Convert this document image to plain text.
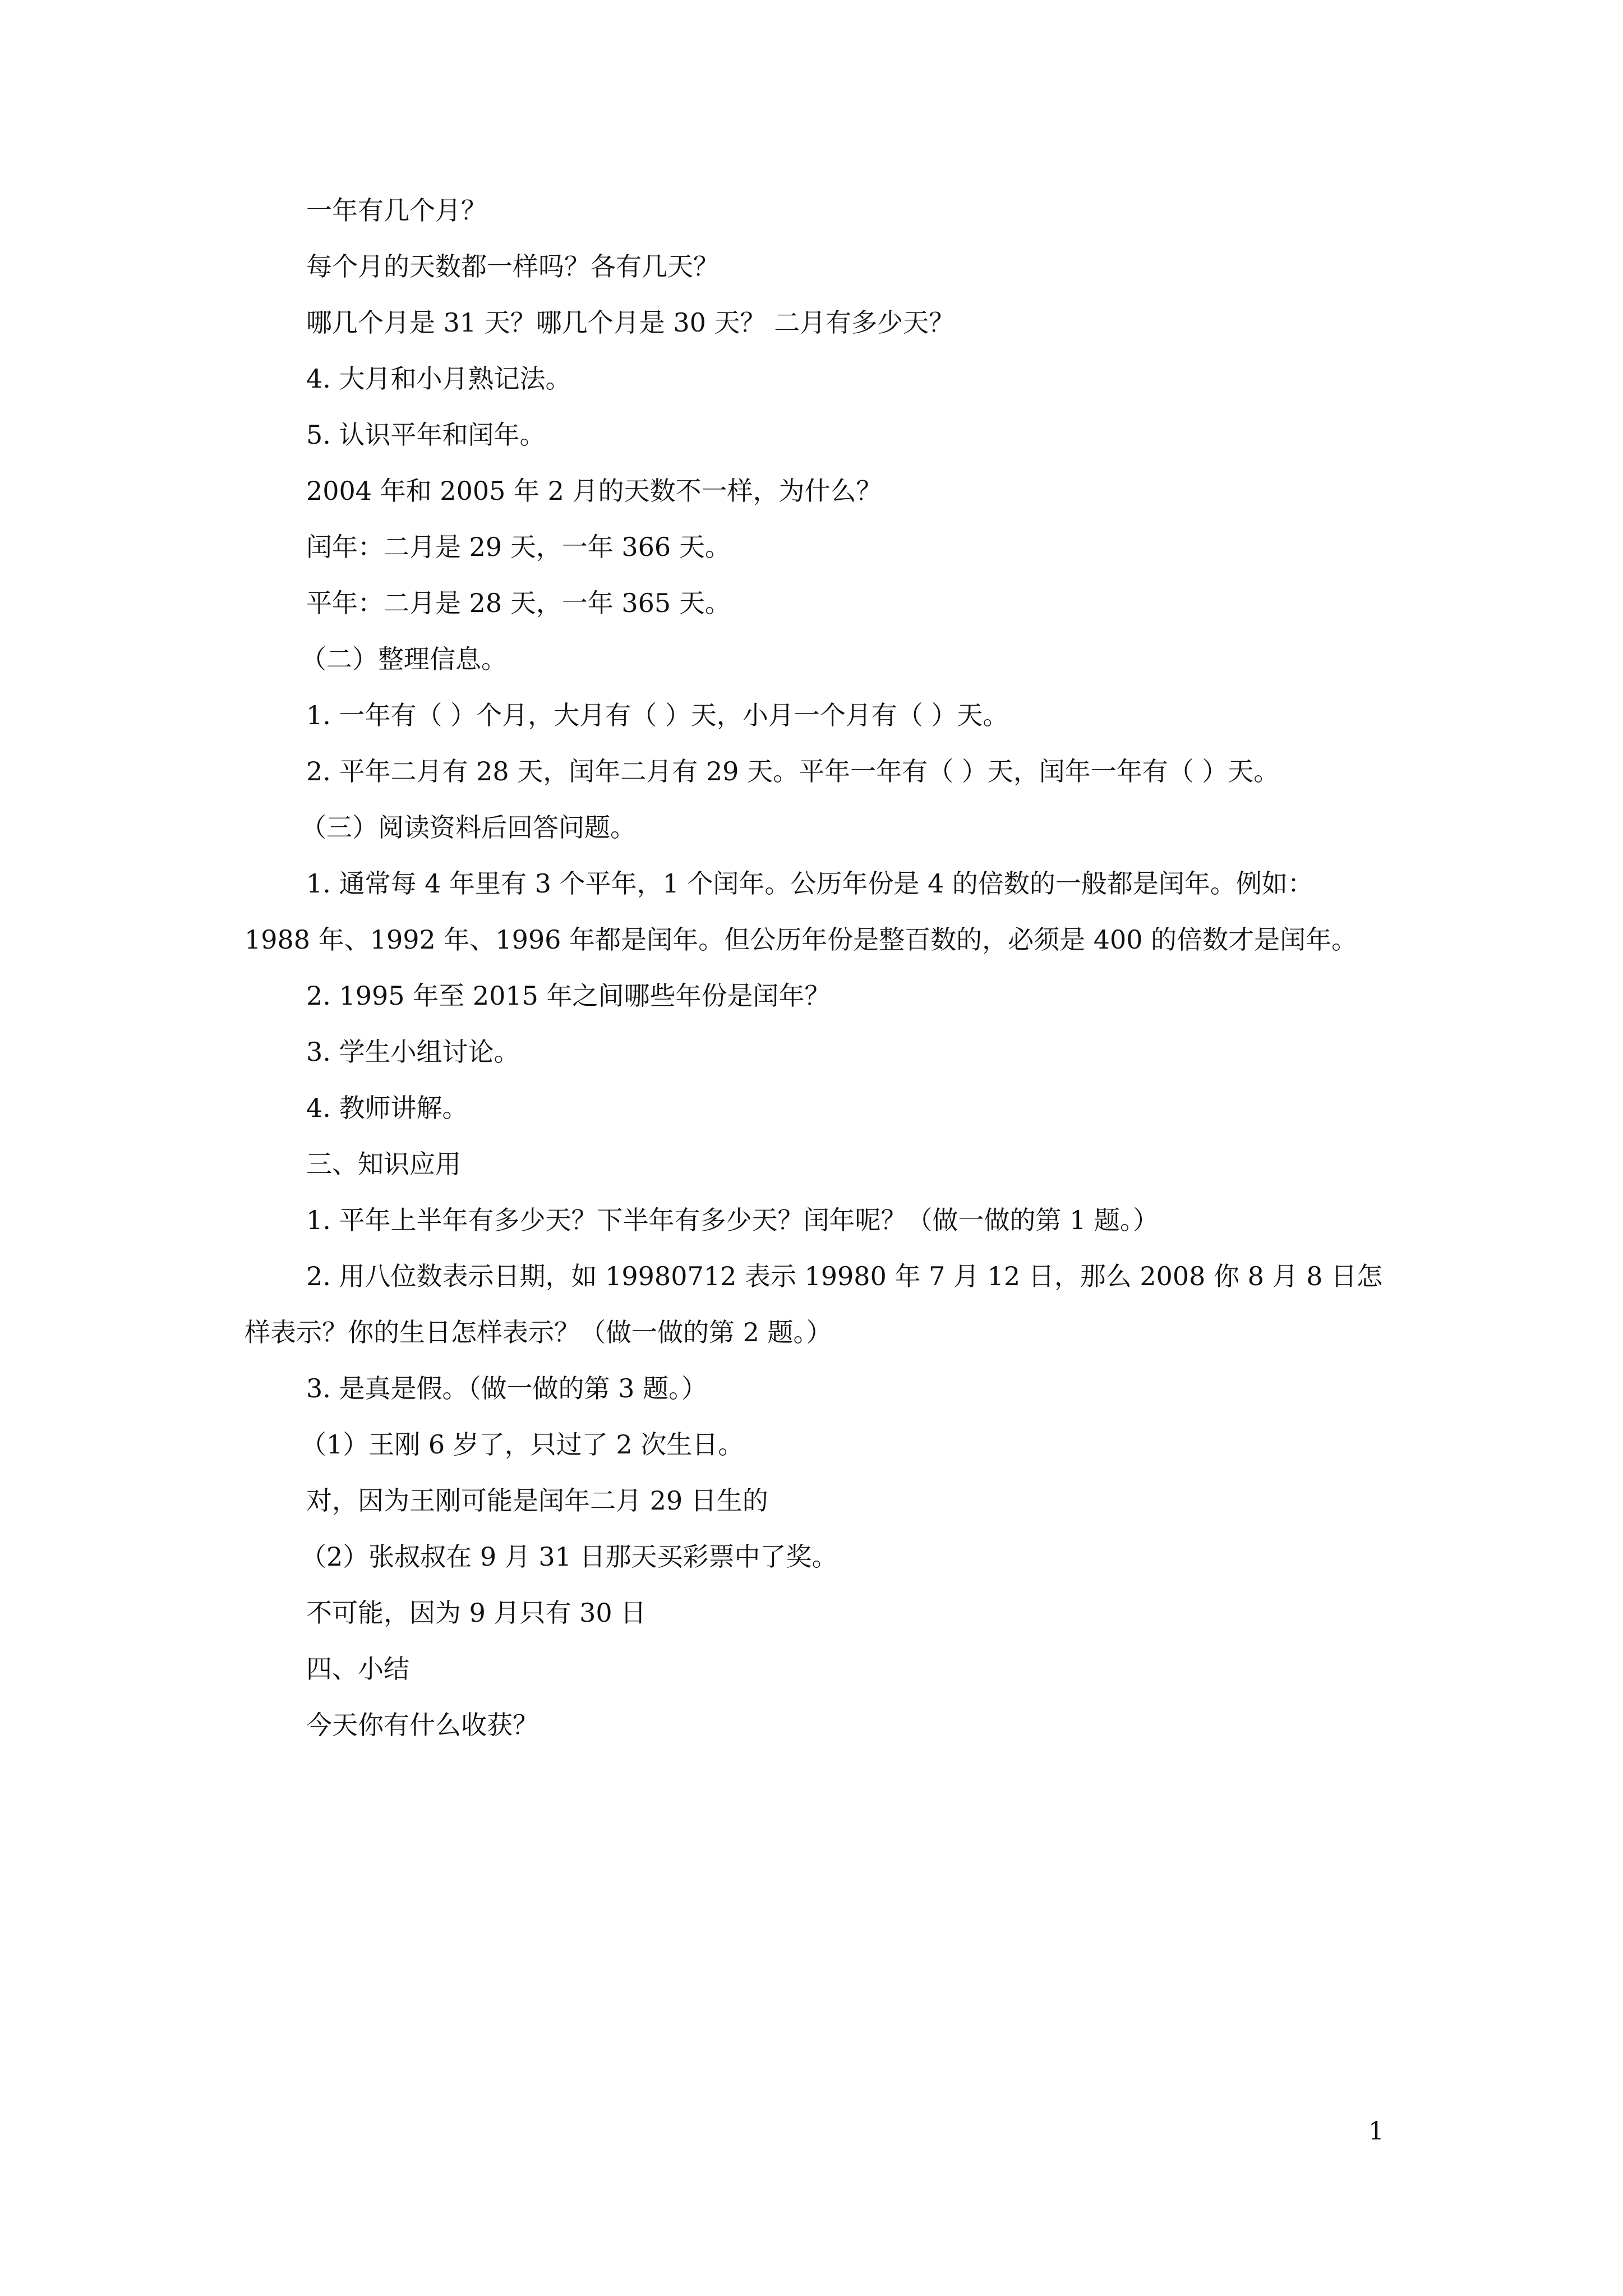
一年有几个月？
每个月的天数都一样吗？各有几天？
哪几个月是 31 天？哪几个月是 30 天？ 二月有多少天？
4. 大月和小月熟记法。
5. 认识平年和闰年。
2004 年和 2005 年 2 月的天数不一样，为什么？
闰年：二月是 29 天，一年 366 天。
平年：二月是 28 天，一年 365 天。
（二）整理信息。
1. 一年有（ ）个月，大月有（ ）天，小月一个月有（ ）天。
2. 平年二月有 28 天，闰年二月有 29 天。平年一年有（ ）天，闰年一年有（ ）天。
（三）阅读资料后回答问题。
1. 通常每 4 年里有 3 个平年，1 个闰年。公历年份是 4 的倍数的一般都是闰年。例如：
1988 年、1992 年、1996 年都是闰年。但公历年份是整百数的，必须是 400 的倍数才是闰年。
2. 1995 年至 2015 年之间哪些年份是闰年？
3. 学生小组讨论。
4. 教师讲解。
三、知识应用
1. 平年上半年有多少天？下半年有多少天？闰年呢？（做一做的第 1 题。）
2. 用八位数表示日期，如 19980712 表示 19980 年 7 月 12 日，那么 2008 你 8 月 8 日怎
样表示？你的生日怎样表示？（做一做的第 2 题。）
3. 是真是假。（做一做的第 3 题。）
（1）王刚 6 岁了，只过了 2 次生日。
对，因为王刚可能是闰年二月 29 日生的
（2）张叔叔在 9 月 31 日那天买彩票中了奖。
不可能，因为 9 月只有 30 日
四、小结
今天你有什么收获？
1
